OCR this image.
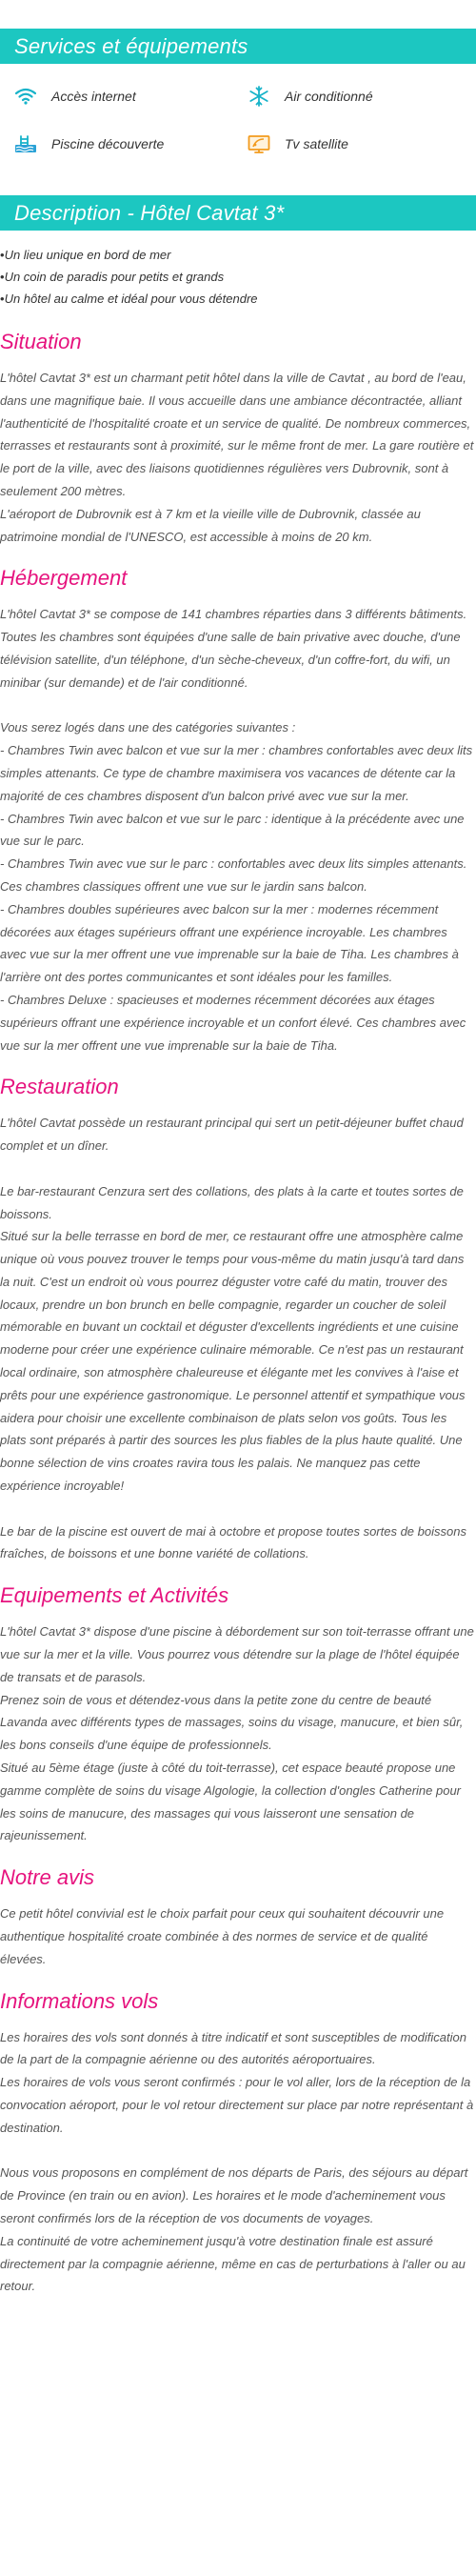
Services et équipements
Accès internet	Air conditionné
Piscine découverte	Tv satellite
Description - Hôtel Cavtat 3*
• Un lieu unique en bord de mer
• Un coin de paradis pour petits et grands
• Un hôtel au calme et idéal pour vous détendre
Situation

L'hôtel Cavtat 3* est un charmant petit hôtel dans la ville de Cavtat , au bord de l'eau, dans une magnifique baie. Il vous accueille dans une ambiance décontractée, alliant l'authenticité de l'hospitalité croate et un service de qualité. De nombreux commerces, terrasses et restaurants sont à proximité, sur le même front de mer. La gare routière et le port de la ville, avec des liaisons quotidiennes régulières vers Dubrovnik, sont à seulement 200 mètres.
L'aéroport de Dubrovnik est à 7 km et la vieille ville de Dubrovnik, classée au patrimoine mondial de l'UNESCO, est accessible à moins de 20 km.

Hébergement

L'hôtel Cavtat 3* se compose de 141 chambres réparties dans 3 différents bâtiments. Toutes les chambres sont équipées d'une salle de bain privative avec douche, d'une télévision satellite, d'un téléphone, d'un sèche-cheveux, d'un coffre-fort, du wifi, un minibar (sur demande) et de l'air conditionné.

Vous serez logés dans une des catégories suivantes :
- Chambres Twin avec balcon et vue sur la mer : chambres confortables avec deux lits simples attenants. Ce type de chambre maximisera vos vacances de détente car la majorité de ces chambres disposent d'un balcon privé avec vue sur la mer.
- Chambres Twin avec balcon et vue sur le parc : identique à la précédente avec une vue sur le parc.
- Chambres Twin avec vue sur le parc : confortables avec deux lits simples attenants. Ces chambres classiques offrent une vue sur le jardin sans balcon.
- Chambres doubles supérieures avec balcon sur la mer : modernes récemment décorées aux étages supérieurs offrant une expérience incroyable. Les chambres avec vue sur la mer offrent une vue imprenable sur la baie de Tiha. Les chambres à l'arrière ont des portes communicantes et sont idéales pour les familles.
- Chambres Deluxe : spacieuses et modernes récemment décorées aux étages supérieurs offrant une expérience incroyable et un confort élevé. Ces chambres avec vue sur la mer offrent une vue imprenable sur la baie de Tiha.

Restauration

L'hôtel Cavtat possède un restaurant principal qui sert un petit-déjeuner buffet chaud complet et un dîner.

Le bar-restaurant Cenzura sert des collations, des plats à la carte et toutes sortes de boissons.
Situé sur la belle terrasse en bord de mer, ce restaurant offre une atmosphère calme unique où vous pouvez trouver le temps pour vous-même du matin jusqu'à tard dans la nuit. C'est un endroit où vous pourrez déguster votre café du matin, trouver des locaux, prendre un bon brunch en belle compagnie, regarder un coucher de soleil mémorable en buvant un cocktail et déguster d'excellents ingrédients et une cuisine moderne pour créer une expérience culinaire mémorable. Ce n'est pas un restaurant local ordinaire, son atmosphère chaleureuse et élégante met les convives à l'aise et prêts pour une expérience gastronomique. Le personnel attentif et sympathique vous aidera pour choisir une excellente combinaison de plats selon vos goûts. Tous les plats sont préparés à partir des sources les plus fiables de la plus haute qualité. Une bonne sélection de vins croates ravira tous les palais. Ne manquez pas cette expérience incroyable!

Le bar de la piscine est ouvert de mai à octobre et propose toutes sortes de boissons fraîches, de boissons et une bonne variété de collations.

Equipements et Activités

L'hôtel Cavtat 3* dispose d'une piscine à débordement sur son toit-terrasse offrant une vue sur la mer et la ville. Vous pourrez vous détendre sur la plage de l'hôtel équipée de transats et de parasols.
Prenez soin de vous et détendez-vous dans la petite zone du centre de beauté Lavanda avec différents types de massages, soins du visage, manucure, et bien sûr, les bons conseils d'une équipe de professionnels.
Situé au 5ème étage (juste à côté du toit-terrasse), cet espace beauté propose une gamme complète de soins du visage Algologie, la collection d'ongles Catherine pour les soins de manucure, des massages qui vous laisseront une sensation de rajeunissement.

Notre avis

Ce petit hôtel convivial est le choix parfait pour ceux qui souhaitent découvrir une authentique hospitalité croate combinée à des normes de service et de qualité élevées.

Informations vols

Les horaires des vols sont donnés à titre indicatif et sont susceptibles de modification de la part de la compagnie aérienne ou des autorités aéroportuaires.
Les horaires de vols vous seront confirmés : pour le vol aller, lors de la réception de la convocation aéroport, pour le vol retour directement sur place par notre représentant à destination.

Nous vous proposons en complément de nos départs de Paris, des séjours au départ de Province (en train ou en avion). Les horaires et le mode d'acheminement vous seront confirmés lors de la réception de vos documents de voyages.
La continuité de votre acheminement jusqu'à votre destination finale est assuré directement par la compagnie aérienne, même en cas de perturbations à l'aller ou au retour.
